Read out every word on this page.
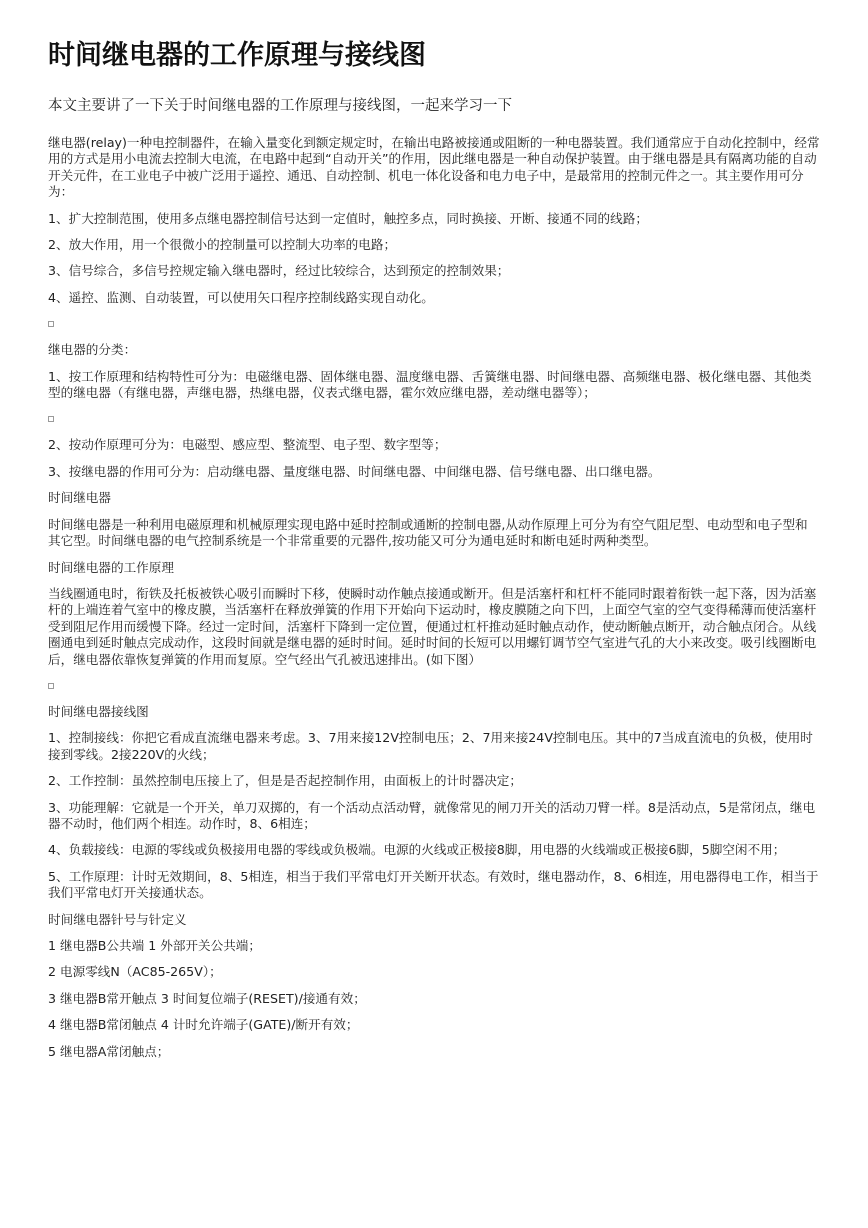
时间继电器的工作原理与接线图

本文主要讲了一下关于时间继电器的工作原理与接线图，一起来学习一下

继电器(relay)一种电控制器件，在输入量变化到额定规定时，在输出电路被接通或阻断的一种电器装置。我们通常应于自动化控制中，经常用的方式是用小电流去控制大电流，在电路中起到“自动开关”的作用，因此继电器是一种自动保护装置。由于继电器是具有隔离功能的自动开关元件，在工业电子中被广泛用于遥控、通迅、自动控制、机电一体化设备和电力电子中，是最常用的控制元件之一。其主要作用可分为：

1、扩大控制范围，使用多点继电器控制信号达到一定值时，触控多点，同时换接、开断、接通不同的线路；

2、放大作用，用一个很微小的控制量可以控制大功率的电路；

3、信号综合，多信号控规定输入继电器时，经过比较综合，达到预定的控制效果；

4、遥控、监测、自动装置，可以使用矢口程序控制线路实现自动化。

继电器的分类：

1、按工作原理和结构特性可分为：电磁继电器、固体继电器、温度继电器、舌簧继电器、时间继电器、高频继电器、极化继电器、其他类型的继电器（有继电器，声继电器，热继电器，仪表式继电器，霍尔效应继电器，差动继电器等）；

2、按动作原理可分为：电磁型、感应型、整流型、电子型、数字型等；

3、按继电器的作用可分为：启动继电器、量度继电器、时间继电器、中间继电器、信号继电器、出口继电器。

时间继电器

时间继电器是一种利用电磁原理和机械原理实现电路中延时控制或通断的控制电器,从动作原理上可分为有空气阻尼型、电动型和电子型和其它型。时间继电器的电气控制系统是一个非常重要的元器件,按功能又可分为通电延时和断电延时两种类型。

时间继电器的工作原理

当线圈通电时，衔铁及托板被铁心吸引而瞬时下移，使瞬时动作触点接通或断开。但是活塞杆和杠杆不能同时跟着衔铁一起下落，因为活塞杆的上端连着气室中的橡皮膜，当活塞杆在释放弹簧的作用下开始向下运动时，橡皮膜随之向下凹，上面空气室的空气变得稀薄而使活塞杆受到阻尼作用而缓慢下降。经过一定时间，活塞杆下降到一定位置，便通过杠杆推动延时触点动作，使动断触点断开，动合触点闭合。从线圈通电到延时触点完成动作，这段时间就是继电器的延时时间。延时时间的长短可以用螺钉调节空气室进气孔的大小来改变。吸引线圈断电后，继电器依靠恢复弹簧的作用而复原。空气经出气孔被迅速排出。(如下图）

时间继电器接线图

1、控制接线：你把它看成直流继电器来考虑。3、7用来接12V控制电压；2、7用来接24V控制电压。其中的7当成直流电的负极，使用时接到零线。2接220V的火线；

2、工作控制：虽然控制电压接上了，但是是否起控制作用，由面板上的计时器决定；

3、功能理解：它就是一个开关，单刀双掷的，有一个活动点活动臂，就像常见的闸刀开关的活动刀臂一样。8是活动点，5是常闭点，继电器不动时，他们两个相连。动作时，8、6相连；

4、负载接线：电源的零线或负极接用电器的零线或负极端。电源的火线或正极接8脚，用电器的火线端或正极接6脚，5脚空闲不用；

5、工作原理：计时无效期间，8、5相连，相当于我们平常电灯开关断开状态。有效时，继电器动作，8、6相连，用电器得电工作，相当于我们平常电灯开关接通状态。

时间继电器针号与针定义

1 继电器B公共端 1 外部开关公共端；

2 电源零线N（AC85-265V）；

3 继电器B常开触点 3 时间复位端子(RESET)/接通有效；

4 继电器B常闭触点 4 计时允许端子(GATE)/断开有效；

5 继电器A常闭触点；
